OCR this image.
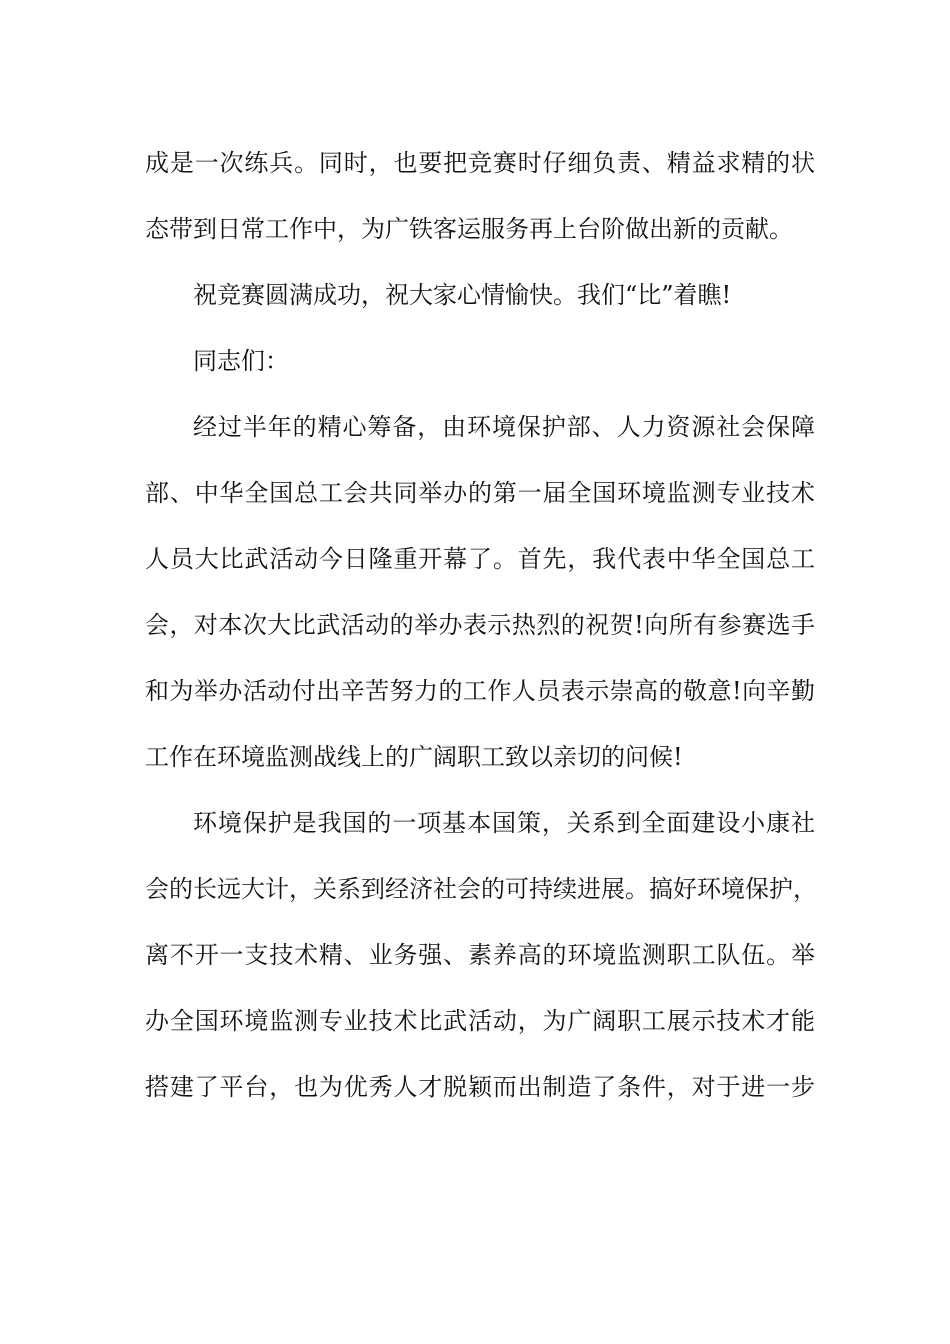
成是一次练兵。同时，也要把竞赛时仔细负责、精益求精的状
态带到日常工作中，为广铁客运服务再上台阶做出新的贡献。
祝竞赛圆满成功，祝大家心情愉快。我们“比”着瞧!
同志们：
经过半年的精心筹备，由环境保护部、人力资源社会保障
部、中华全国总工会共同举办的第一届全国环境监测专业技术
人员大比武活动今日隆重开幕了。首先，我代表中华全国总工
会，对本次大比武活动的举办表示热烈的祝贺!向所有参赛选手
和为举办活动付出辛苦努力的工作人员表示崇高的敬意!向辛勤
工作在环境监测战线上的广阔职工致以亲切的问候!
环境保护是我国的一项基本国策，关系到全面建设小康社
会的长远大计，关系到经济社会的可持续进展。搞好环境保护，
离不开一支技术精、业务强、素养高的环境监测职工队伍。举
办全国环境监测专业技术比武活动，为广阔职工展示技术才能
搭建了平台，也为优秀人才脱颖而出制造了条件，对于进一步
